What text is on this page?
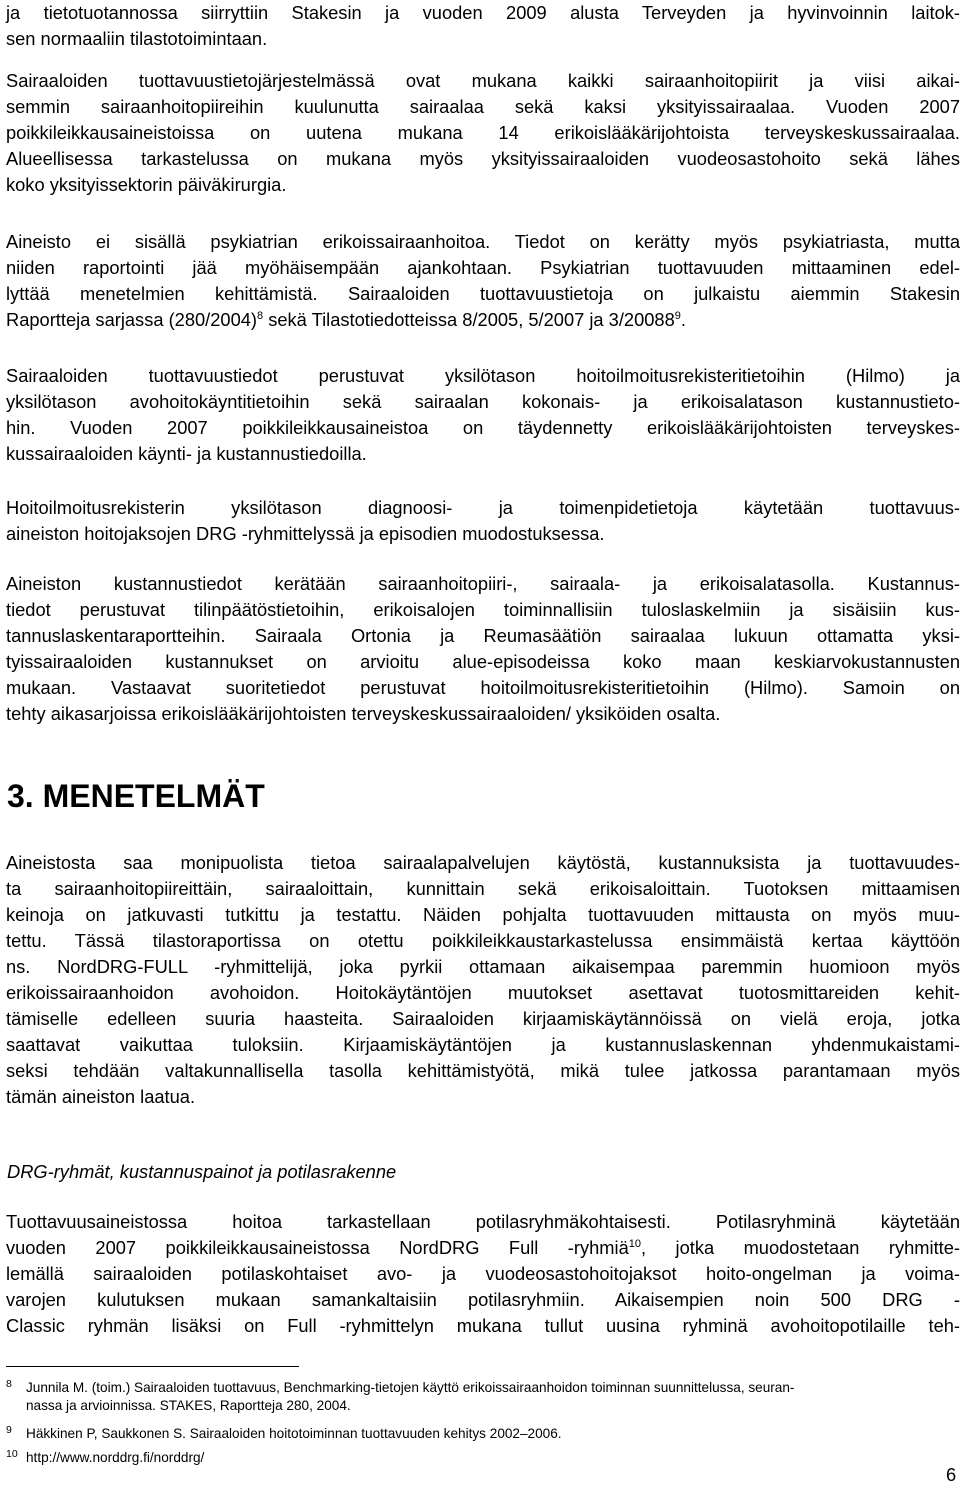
ja tietotuotannossa siirryttiin Stakesin ja vuoden 2009 alusta Terveyden ja hyvinvoinnin laitok-
sen normaaliin tilastotoimintaan.
Sairaaloiden tuottavuustietojärjestelmässä ovat mukana kaikki sairaanhoitopiirit ja viisi aikai-
semmin sairaanhoitopiireihin kuulunutta sairaalaa sekä kaksi yksityissairaalaa. Vuoden 2007
poikkileikkausaineistoissa on uutena mukana 14 erikoislääkärijohtoista terveyskeskussairaalaa.
Alueellisessa tarkastelussa on mukana myös yksityissairaaloiden vuodeosastohoito sekä lähes
koko yksityissektorin päiväkirurgia.
Aineisto ei sisällä psykiatrian erikoissairaanhoitoa. Tiedot on kerätty myös psykiatriasta, mutta
niiden raportointi jää myöhäisempään ajankohtaan. Psykiatrian tuottavuuden mittaaminen edel-
lyttää menetelmien kehittämistä. Sairaaloiden tuottavuustietoja on julkaistu aiemmin Stakesin
Raportteja sarjassa $(280/2004)^8$ sekä Tilastotiedotteissa 8/2005, 5/2007 ja 3/20088$^9$.
Sairaaloiden tuottavuustiedot perustuvat yksilötason hoitoilmoitusrekisteritietoihin (Hilmo) ja
yksilötason avohoitokäyntitietoihin sekä sairaalan kokonais- ja erikoisalatason kustannustieto-
hin. Vuoden 2007 poikkileikkausaineistoa on täydennetty erikoislääkärijohtoisten terveyskes-
kussairaaloiden käynti- ja kustannustiedoilla.
Hoitoilmoitusrekisterin yksilötason diagnoosi- ja toimenpidetietoja käytetään tuottavuus-
aineiston hoitojaksojen DRG -ryhmittelyssä ja episodien muodostuksessa.
Aineiston kustannustiedot kerätään sairaanhoitopiiri-, sairaala- ja erikoisalatasolla. Kustannus-
tiedot perustuvat tilinpäätöstietoihin, erikoisalojen toiminnallisiin tuloslaskelmiin ja sisäisiin kus-
tannuslaskentaraportteihin. Sairaala Ortonia ja Reumasäätiön sairaalaa lukuun ottamatta yksi-
tyissairaaloiden kustannukset on arvioitu alue-episodeissa koko maan keskiarvokustannusten
mukaan. Vastaavat suoritetiedot perustuvat hoitoilmoitusrekisteritietoihin (Hilmo). Samoin on
tehty aikasarjoissa erikoislääkärijohtoisten terveyskeskussairaaloiden/ yksiköiden osalta.
3. MENETELMÄT
Aineistosta saa monipuolista tietoa sairaalapalvelujen käytöstä, kustannuksista ja tuottavuudes-
ta sairaanhoitopiireittäin, sairaaloittain, kunnittain sekä erikoisaloittain. Tuotoksen mittaamisen
keinoja on jatkuvasti tutkittu ja testattu. Näiden pohjalta tuottavuuden mittausta on myös muu-
tettu. Tässä tilastoraportissa on otettu poikkileikkaustarkastelussa ensimmäistä kertaa käyttöön
ns. NordDRG-FULL -ryhmittelijä, joka pyrkii ottamaan aikaisempaa paremmin huomioon myös
erikoissairaanhoidon avohoidon. Hoitokäytäntöjen muutokset asettavat tuotosmittareiden kehit-
tämiselle edelleen suuria haasteita. Sairaaloiden kirjaamiskäytännöissä on vielä eroja, jotka
saattavat vaikuttaa tuloksiin. Kirjaamiskäytäntöjen ja kustannuslaskennan yhdenmukaistami-
seksi tehdään valtakunnallisella tasolla kehittämistyötä, mikä tulee jatkossa parantamaan myös
tämän aineiston laatua.
DRG-ryhmät, kustannuspainot ja potilasrakenne
Tuottavuusaineistossa hoitoa tarkastellaan potilasryhmäkohtaisesti. Potilasryhminä käytetään
vuoden 2007 poikkileikkausaineistossa NordDRG Full -ryhmiä$^{10}$, jotka muodostetaan ryhmitte-
lemällä sairaaloiden potilaskohtaiset avo- ja vuodeosastohoitojaksot hoito-ongelman ja voima-
varojen kulutuksen mukaan samankaltaisiin potilasryhmiin. Aikaisempien noin 500 DRG -
Classic ryhmän lisäksi on Full -ryhmittelyn mukana tullut uusina ryhminä avohoitopotilaille teh-
8 Junnila M. (toim.) Sairaaloiden tuottavuus, Benchmarking-tietojen käyttö erikoissairaanhoidon toiminnan suunnittelussa, seuran-
nassa ja arvioinnissa. STAKES, Raportteja 280, 2004.
9 Häkkinen P, Saukkonen S. Sairaaloiden hoitotoiminnan tuottavuuden kehitys 2002–2006.
10 http://www.norddrg.fi/norddrg/
6
